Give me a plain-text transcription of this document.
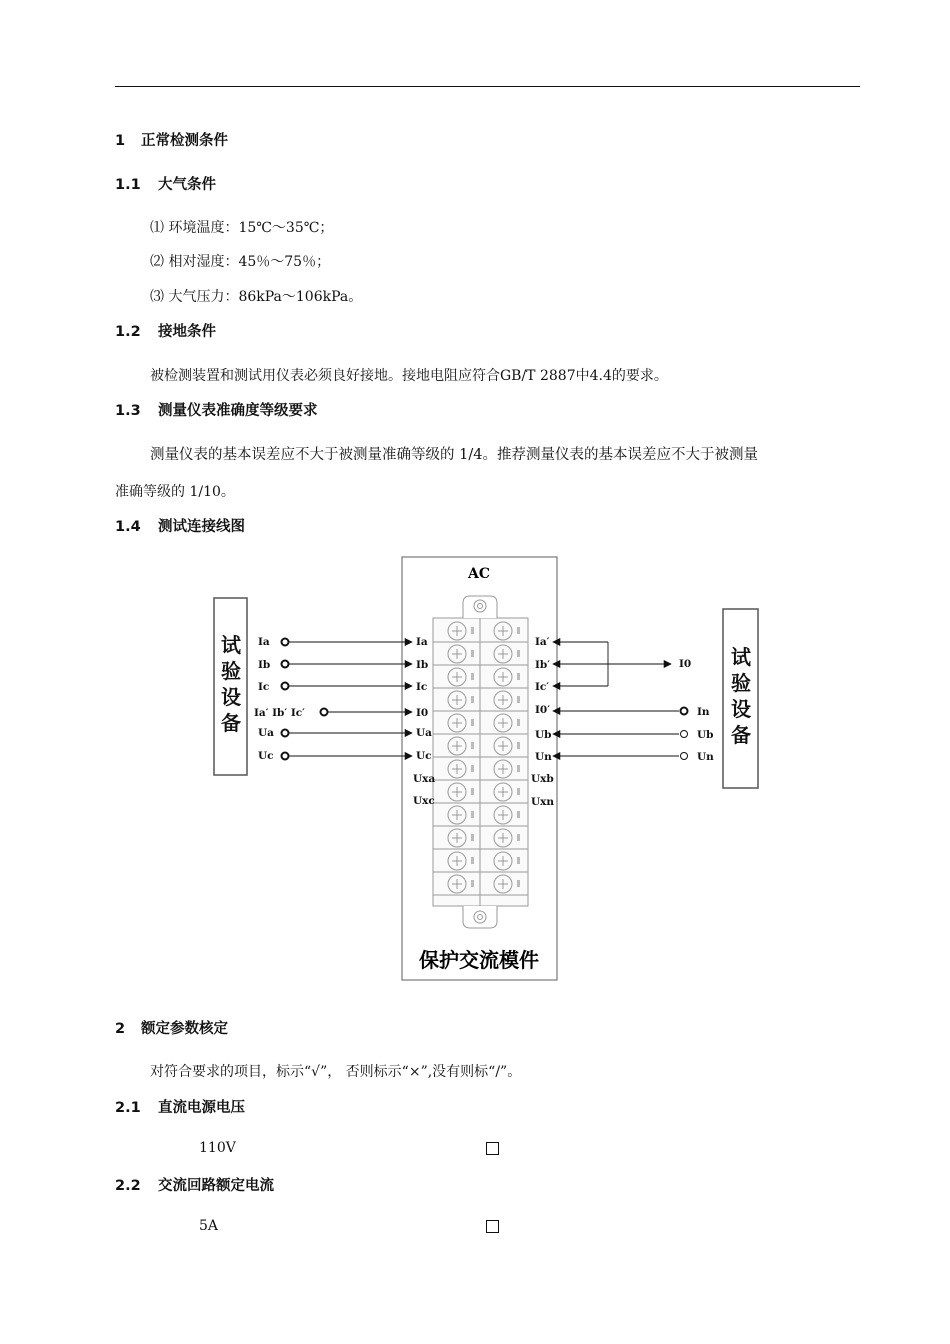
1 正常检测条件
1.1 大气条件
⑴ 环境温度：15℃～35℃；
⑵ 相对湿度：45％～75％；
⑶ 大气压力：86kPa～106kPa。
1.2 接地条件
被检测装置和测试用仪表必须良好接地。接地电阻应符合GB/T 2887中4.4的要求。
1.3 测量仪表准确度等级要求
测量仪表的基本误差应不大于被测量准确等级的 1/4。推荐测量仪表的基本误差应不大于被测量
准确等级的 1/10。
1.4 测试连接线图
试
验
设
备
试
验
设
备
AC
保护交流模件
Ia
Ib
Ic
Ia′ Ib′ Ic′
Ua
Uc
Ia
Ib
Ic
I0
Ua
Uc
Uxa
Uxc
Ia′
Ib′
Ic′
I0′
Ub
Un
Uxb
Uxn
I0
In
Ub
Un
2 额定参数核定
对符合要求的项目，标示“√”， 否则标示“×”,没有则标“/”。
2.1 直流电源电压
110V
2.2 交流回路额定电流
5A
